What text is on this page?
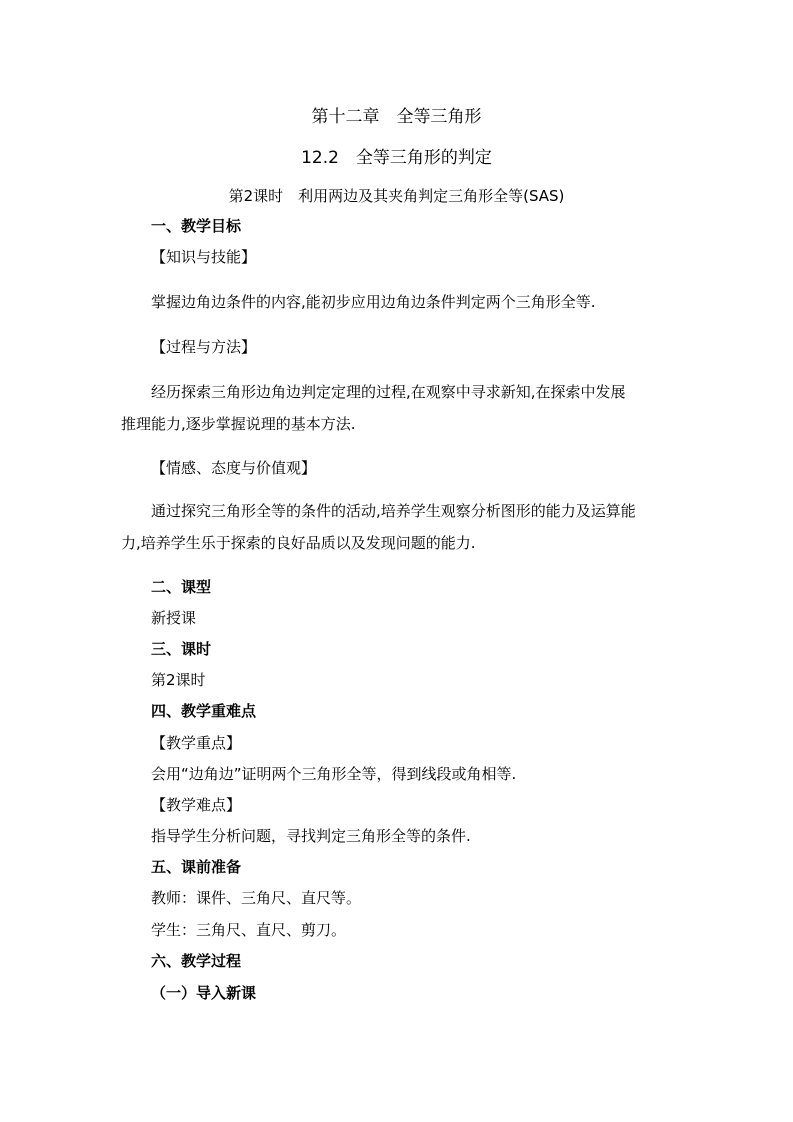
第十二章　全等三角形
12.2　全等三角形的判定
第2课时　利用两边及其夹角判定三角形全等(SAS)
一、教学目标
【知识与技能】
掌握边角边条件的内容,能初步应用边角边条件判定两个三角形全等.
【过程与方法】
经历探索三角形边角边判定定理的过程,在观察中寻求新知,在探索中发展
推理能力,逐步掌握说理的基本方法.
【情感、态度与价值观】
通过探究三角形全等的条件的活动,培养学生观察分析图形的能力及运算能
力,培养学生乐于探索的良好品质以及发现问题的能力.
二、课型
新授课
三、课时
第2课时
四、教学重难点
【教学重点】
会用“边角边”证明两个三角形全等，得到线段或角相等.
【教学难点】
指导学生分析问题，寻找判定三角形全等的条件.
五、课前准备
教师：课件、三角尺、直尺等。
学生：三角尺、直尺、剪刀。
六、教学过程
（一）导入新课
